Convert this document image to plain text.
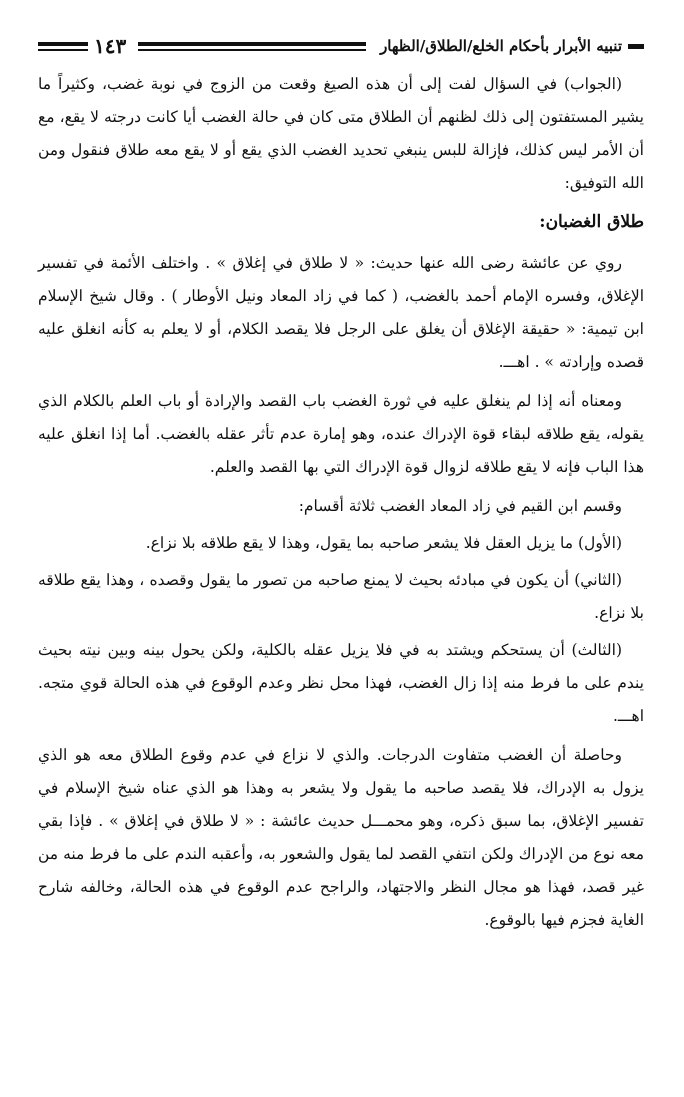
تنبيه الأبرار بأحكام الخلع/الطلاق/الظهار
١٤٣

(الجواب) في السؤال لفت إلى أن هذه الصيغ وقعت من الزوج في نوبة غضب، وكثيراً ما يشير المستفتون إلى ذلك لظنهم أن الطلاق متى كان في حالة الغضب أيا كانت درجته لا يقع، مع أن الأمر ليس كذلك، فإزالة للبس ينبغي تحديد الغضب الذي يقع أو لا يقع معه طلاق فنقول ومن الله التوفيق:

طلاق الغضبان:

روي عن عائشة رضى الله عنها حديث: « لا طلاق في إغلاق » . واختلف الأئمة في تفسير الإغلاق، وفسره الإمام أحمد بالغضب، ( كما في زاد المعاد ونيل الأوطار ) . وقال شيخ الإسلام ابن تيمية: « حقيقة الإغلاق أن يغلق على الرجل فلا يقصد الكلام، أو لا يعلم به كأنه انغلق عليه قصده وإرادته » . اهـــ.

ومعناه أنه إذا لم ينغلق عليه في ثورة الغضب باب القصد والإرادة أو باب العلم بالكلام الذي يقوله، يقع طلاقه لبقاء قوة الإدراك عنده، وهو إمارة عدم تأثر عقله بالغضب. أما إذا انغلق عليه هذا الباب فإنه لا يقع طلاقه لزوال قوة الإدراك التي بها القصد والعلم.

وقسم ابن القيم في زاد المعاد الغضب ثلاثة أقسام:

(الأول) ما يزيل العقل فلا يشعر صاحبه بما يقول، وهذا لا يقع طلاقه بلا نزاع.

(الثاني) أن يكون في مبادئه بحيث لا يمنع صاحبه من تصور ما يقول وقصده ، وهذا يقع طلاقه بلا نزاع.

(الثالث) أن يستحكم ويشتد به في فلا يزيل عقله بالكلية، ولكن يحول بينه وبين نيته بحيث يندم على ما فرط منه إذا زال الغضب، فهذا محل نظر وعدم الوقوع في هذه الحالة قوي متجه. اهـــ.

وحاصلة أن الغضب متفاوت الدرجات. والذي لا نزاع في عدم وقوع الطلاق معه هو الذي يزول به الإدراك، فلا يقصد صاحبه ما يقول ولا يشعر به وهذا هو الذي عناه شيخ الإسلام في تفسير الإغلاق، بما سبق ذكره، وهو محمـــل حديث عائشة : « لا طلاق في إغلاق » . فإذا بقي معه نوع من الإدراك ولكن انتفي القصد لما يقول والشعور به، وأعقبه الندم على ما فرط منه من غير قصد، فهذا هو مجال النظر والاجتهاد، والراجح عدم الوقوع في هذه الحالة، وخالفه شارح الغاية فجزم فيها بالوقوع.
